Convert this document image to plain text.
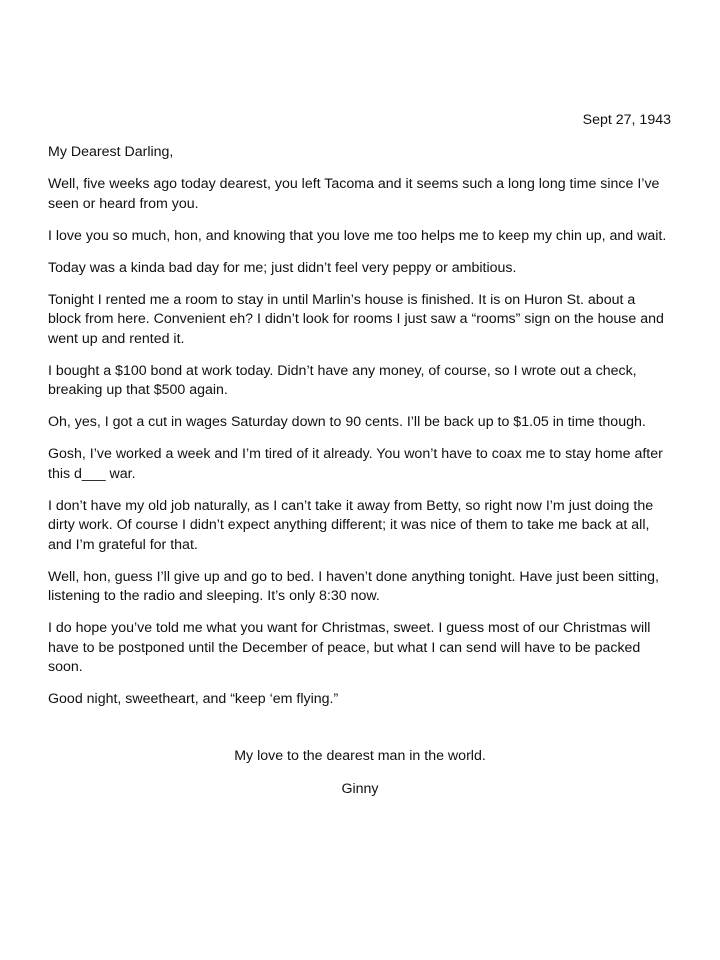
Sept 27, 1943

My Dearest Darling,

Well, five weeks ago today dearest, you left Tacoma and it seems such a long long time since I’ve seen or heard from you.

I love you so much, hon, and knowing that you love me too helps me to keep my chin up, and wait.

Today was a kinda bad day for me; just didn’t feel very peppy or ambitious.

Tonight I rented me a room to stay in until Marlin’s house is finished. It is on Huron St. about a block from here. Convenient eh? I didn’t look for rooms I just saw a “rooms” sign on the house and went up and rented it.

I bought a $100 bond at work today. Didn’t have any money, of course, so I wrote out a check, breaking up that $500 again.

Oh, yes, I got a cut in wages Saturday down to 90 cents. I’ll be back up to $1.05 in time though.

Gosh, I’ve worked a week and I’m tired of it already. You won’t have to coax me to stay home after this d___ war.

I don’t have my old job naturally, as I can’t take it away from Betty, so right now I’m just doing the dirty work. Of course I didn’t expect anything different; it was nice of them to take me back at all, and I’m grateful for that.

Well, hon, guess I’ll give up and go to bed. I haven’t done anything tonight. Have just been sitting, listening to the radio and sleeping. It’s only 8:30 now.

I do hope you’ve told me what you want for Christmas, sweet. I guess most of our Christmas will have to be postponed until the December of peace, but what I can send will have to be packed soon.

Good night, sweetheart, and “keep ‘em flying.”

My love to the dearest man in the world.

Ginny
